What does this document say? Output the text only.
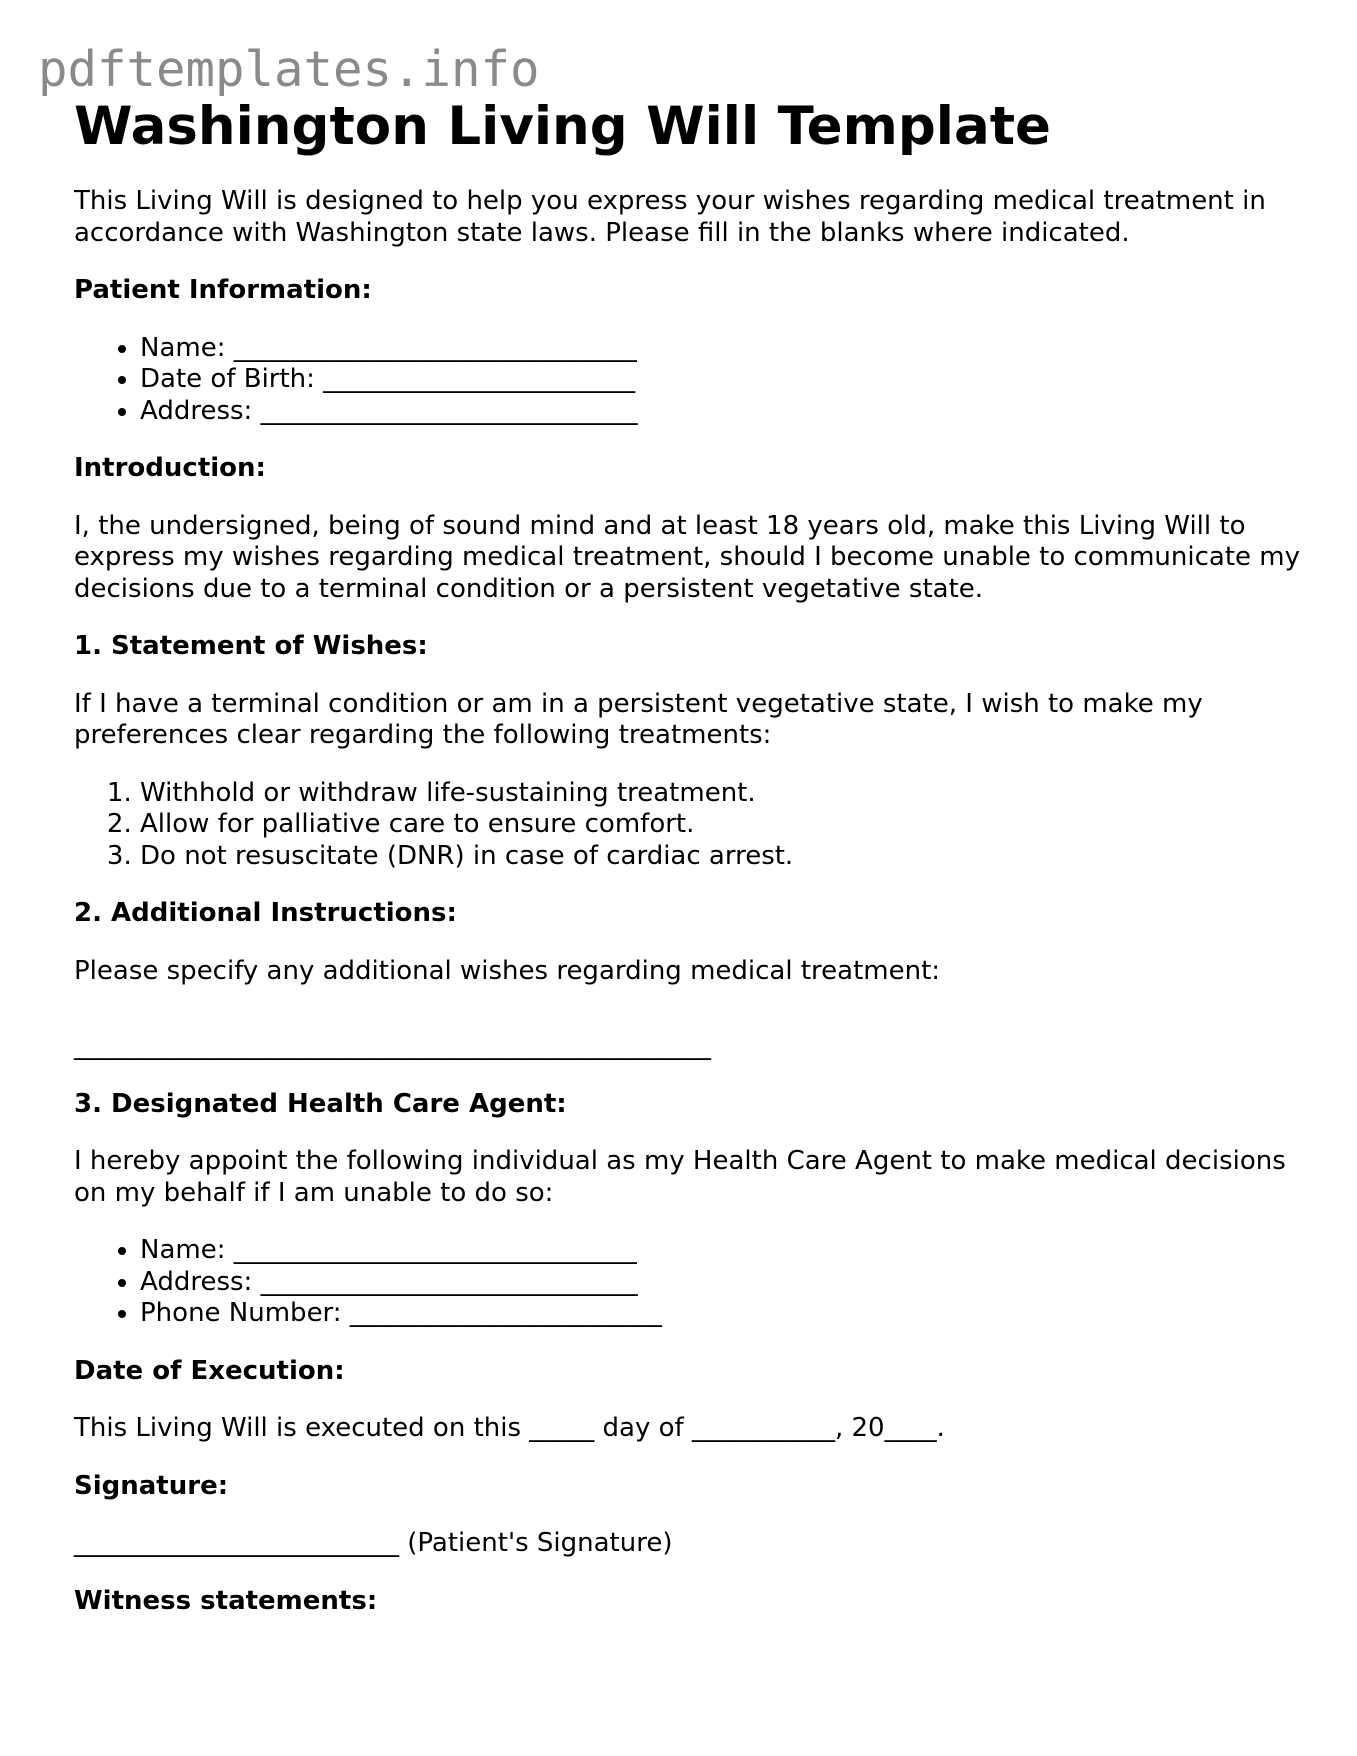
pdftemplates.info
Washington Living Will Template

This Living Will is designed to help you express your wishes regarding medical treatment in accordance with Washington state laws. Please fill in the blanks where indicated.

Patient Information:
• Name: _______________________________
• Date of Birth: ________________________
• Address: _____________________________
Introduction:

I, the undersigned, being of sound mind and at least 18 years old, make this Living Will to express my wishes regarding medical treatment, should I become unable to communicate my decisions due to a terminal condition or a persistent vegetative state.

1. Statement of Wishes:

If I have a terminal condition or am in a persistent vegetative state, I wish to make my preferences clear regarding the following treatments:

1. Withhold or withdraw life-sustaining treatment.
2. Allow for palliative care to ensure comfort.
3. Do not resuscitate (DNR) in case of cardiac arrest.
2. Additional Instructions:

Please specify any additional wishes regarding medical treatment:

_________________________________________________

3. Designated Health Care Agent:

I hereby appoint the following individual as my Health Care Agent to make medical decisions on my behalf if I am unable to do so:

• Name: _______________________________
• Address: _____________________________
• Phone Number: ________________________
Date of Execution:

This Living Will is executed on this _____ day of ___________, 20____.

Signature:

_________________________ (Patient's Signature)

Witness statements:
